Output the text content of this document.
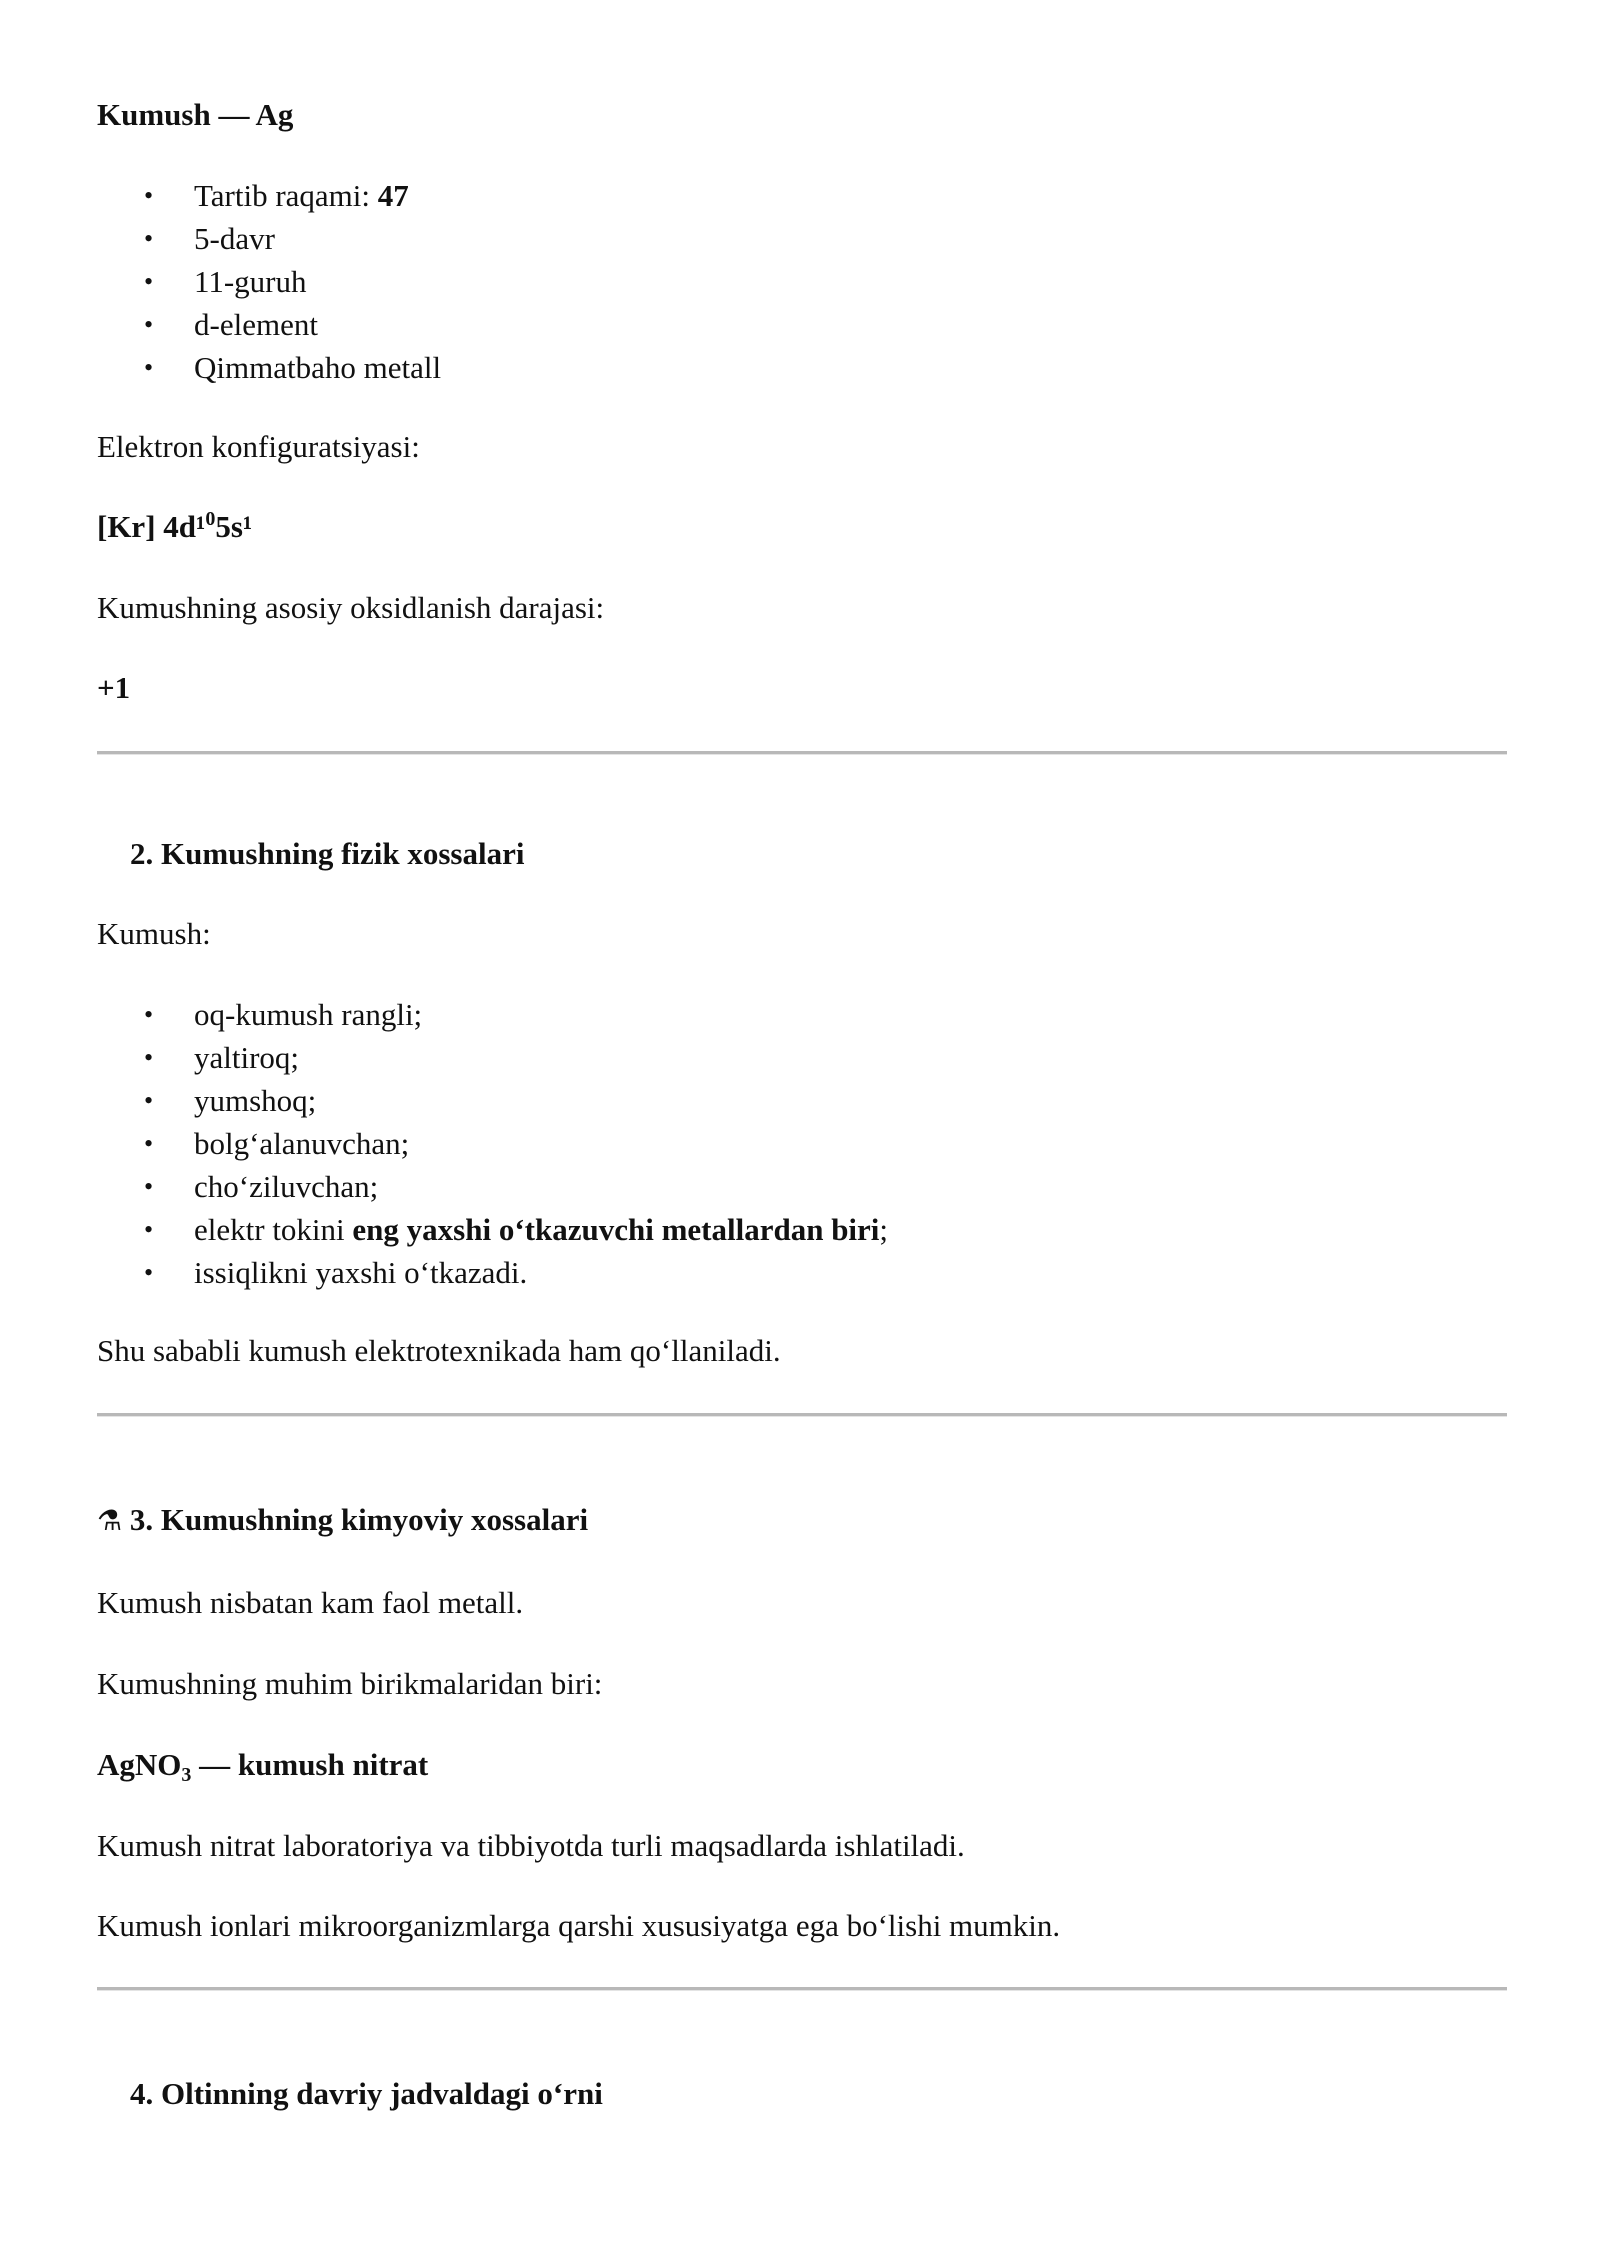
Kumush — Ag
• Tartib raqami: 47
• 5-davr
• 11-guruh
• d-element
• Qimmatbaho metall
Elektron konfiguratsiyasi:
[Kr] 4d¹$^0$5s¹
Kumushning asosiy oksidlanish darajasi:
+1
2. Kumushning fizik xossalari
Kumush:
• oq-kumush rangli;
• yaltiroq;
• yumshoq;
• bolg‘alanuvchan;
• cho‘ziluvchan;
• elektr tokini eng yaxshi o‘tkazuvchi metallardan biri;
• issiqlikni yaxshi o‘tkazadi.
Shu sababli kumush elektrotexnikada ham qo‘llaniladi.
⚗ 3. Kumushning kimyoviy xossalari
Kumush nisbatan kam faol metall.
Kumushning muhim birikmalaridan biri:
AgNO$_3$ — kumush nitrat
Kumush nitrat laboratoriya va tibbiyotda turli maqsadlarda ishlatiladi.
Kumush ionlari mikroorganizmlarga qarshi xususiyatga ega bo‘lishi mumkin.
4. Oltinning davriy jadvaldagi o‘rni
